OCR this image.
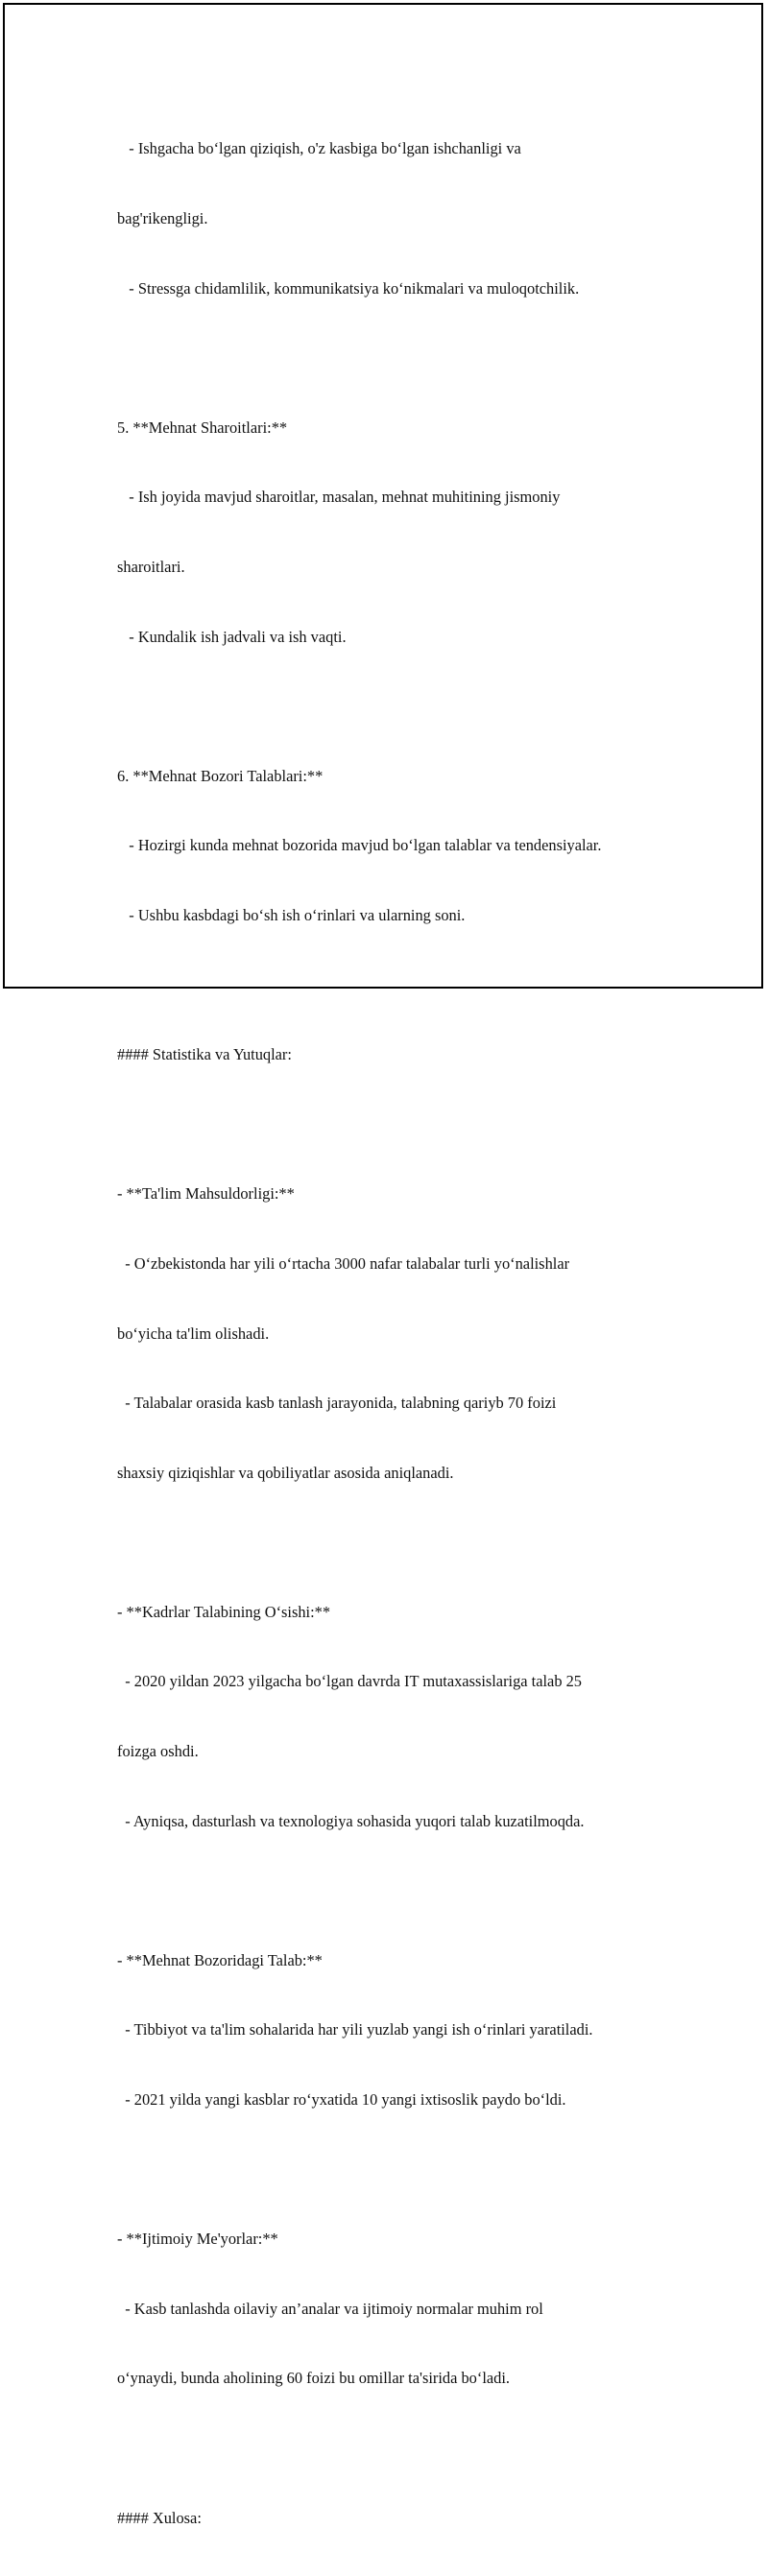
- Ishgacha bo‘lgan qiziqish, o'z kasbiga bo‘lgan ishchanligi va

bag'rikengligi.

- Stressga chidamlilik, kommunikatsiya ko‘nikmalari va muloqotchilik.

5. **Mehnat Sharoitlari:**

- Ish joyida mavjud sharoitlar, masalan, mehnat muhitining jismoniy

sharoitlari.

- Kundalik ish jadvali va ish vaqti.

6. **Mehnat Bozori Talablari:**

- Hozirgi kunda mehnat bozorida mavjud bo‘lgan talablar va tendensiyalar.

- Ushbu kasbdagi bo‘sh ish o‘rinlari va ularning soni.

#### Statistika va Yutuqlar:

- **Ta'lim Mahsuldorligi:**

- O‘zbekistonda har yili o‘rtacha 3000 nafar talabalar turli yo‘nalishlar

bo‘yicha ta'lim olishadi.

- Talabalar orasida kasb tanlash jarayonida, talabning qariyb 70 foizi

shaxsiy qiziqishlar va qobiliyatlar asosida aniqlanadi.

- **Kadrlar Talabining O‘sishi:**

- 2020 yildan 2023 yilgacha bo‘lgan davrda IT mutaxassislariga talab 25

foizga oshdi.

- Ayniqsa, dasturlash va texnologiya sohasida yuqori talab kuzatilmoqda.

- **Mehnat Bozoridagi Talab:**

- Tibbiyot va ta'lim sohalarida har yili yuzlab yangi ish o‘rinlari yaratiladi.

- 2021 yilda yangi kasblar ro‘yxatida 10 yangi ixtisoslik paydo bo‘ldi.

- **Ijtimoiy Me'yorlar:**

- Kasb tanlashda oilaviy an’analar va ijtimoiy normalar muhim rol

o‘ynaydi, bunda aholining 60 foizi bu omillar ta'sirida bo‘ladi.

#### Xulosa:
